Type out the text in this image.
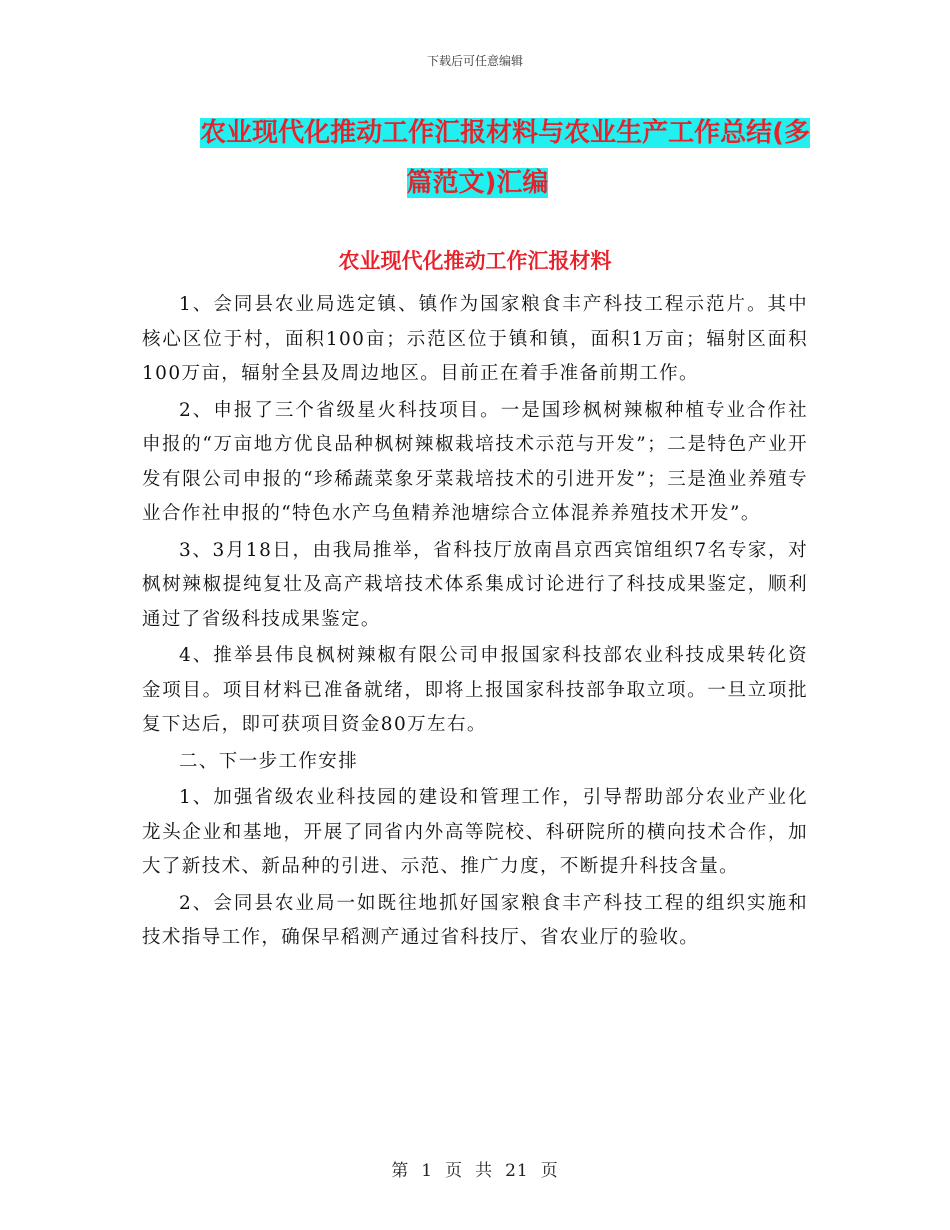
下载后可任意编辑
农业现代化推动工作汇报材料与农业生产工作总结(多
篇范文)汇编
农业现代化推动工作汇报材料

1、会同县农业局选定镇、镇作为国家粮食丰产科技工程示范片。其中核心区位于村，面积100亩；示范区位于镇和镇，面积1万亩；辐射区面积100万亩，辐射全县及周边地区。目前正在着手准备前期工作。

2、申报了三个省级星火科技项目。一是国珍枫树辣椒种植专业合作社申报的“万亩地方优良品种枫树辣椒栽培技术示范与开发”；二是特色产业开发有限公司申报的“珍稀蔬菜象牙菜栽培技术的引进开发”；三是渔业养殖专业合作社申报的“特色水产乌鱼精养池塘综合立体混养养殖技术开发”。

3、3月18日，由我局推举，省科技厅放南昌京西宾馆组织7名专家，对枫树辣椒提纯复壮及高产栽培技术体系集成讨论进行了科技成果鉴定，顺利通过了省级科技成果鉴定。

4、推举县伟良枫树辣椒有限公司申报国家科技部农业科技成果转化资金项目。项目材料已准备就绪，即将上报国家科技部争取立项。一旦立项批复下达后，即可获项目资金80万左右。

二、下一步工作安排

1、加强省级农业科技园的建设和管理工作，引导帮助部分农业产业化龙头企业和基地，开展了同省内外高等院校、科研院所的横向技术合作，加大了新技术、新品种的引进、示范、推广力度，不断提升科技含量。

2、会同县农业局一如既往地抓好国家粮食丰产科技工程的组织实施和技术指导工作，确保早稻测产通过省科技厅、省农业厅的验收。

第 1 页 共 21 页
